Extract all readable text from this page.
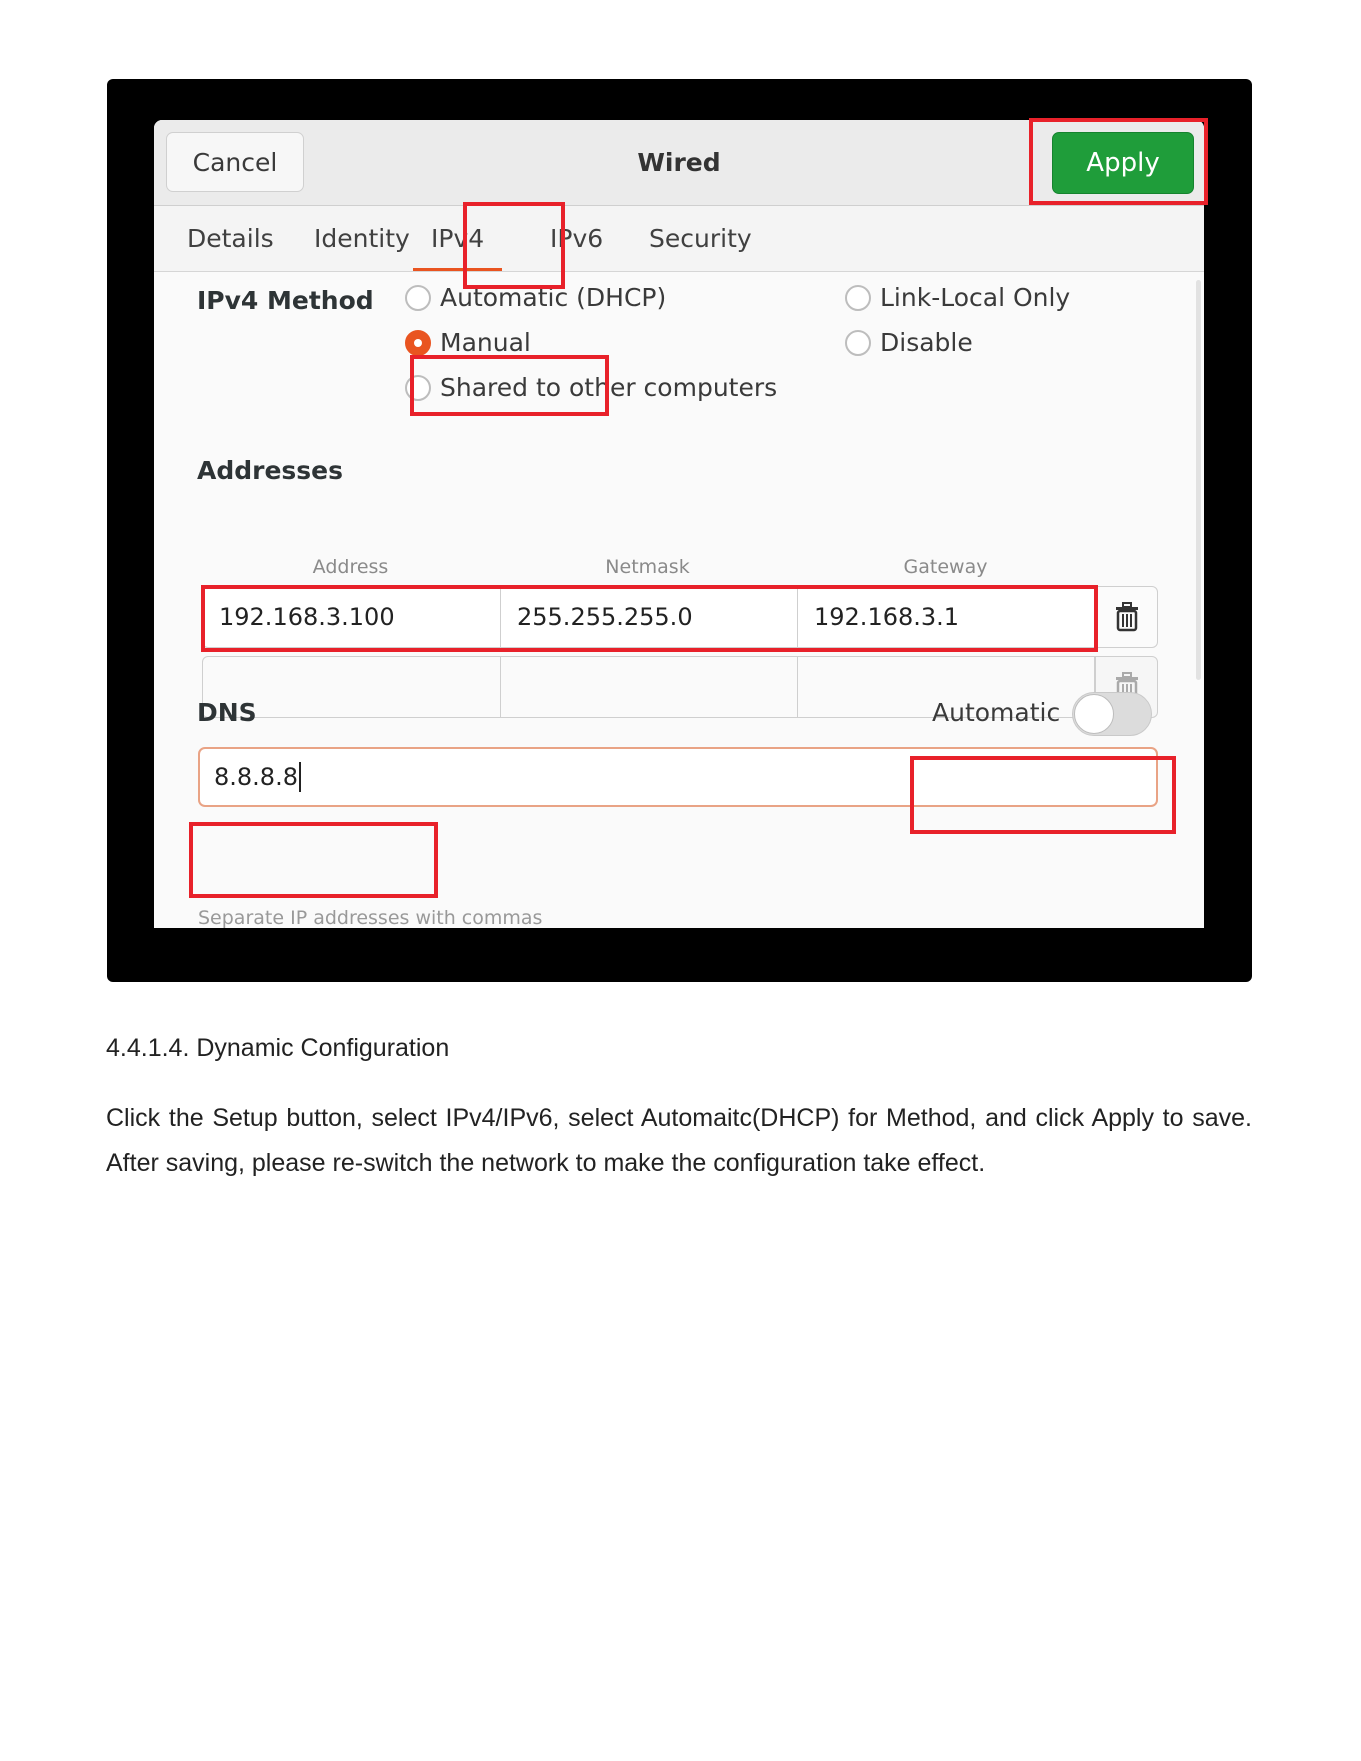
Cancel	Wired	Apply
Details Identity IPv4	IPv6 Security
IPv4 Method	Automatic (DHCP)
Manual
Shared to other computers
Link-Local Only
Disable
Addresses
Address	Netmask	Gateway
192.168.3.100	255.255.255.0	192.168.3.1
DNS	Automatic
8.8.8.8
Separate IP addresses with commas
4.4.1.4. Dynamic Configuration

Click the Setup button, select IPv4/IPv6, select Automaitc(DHCP) for Method, and click Apply to save. After saving, please re-switch the network to make the configuration take effect.
